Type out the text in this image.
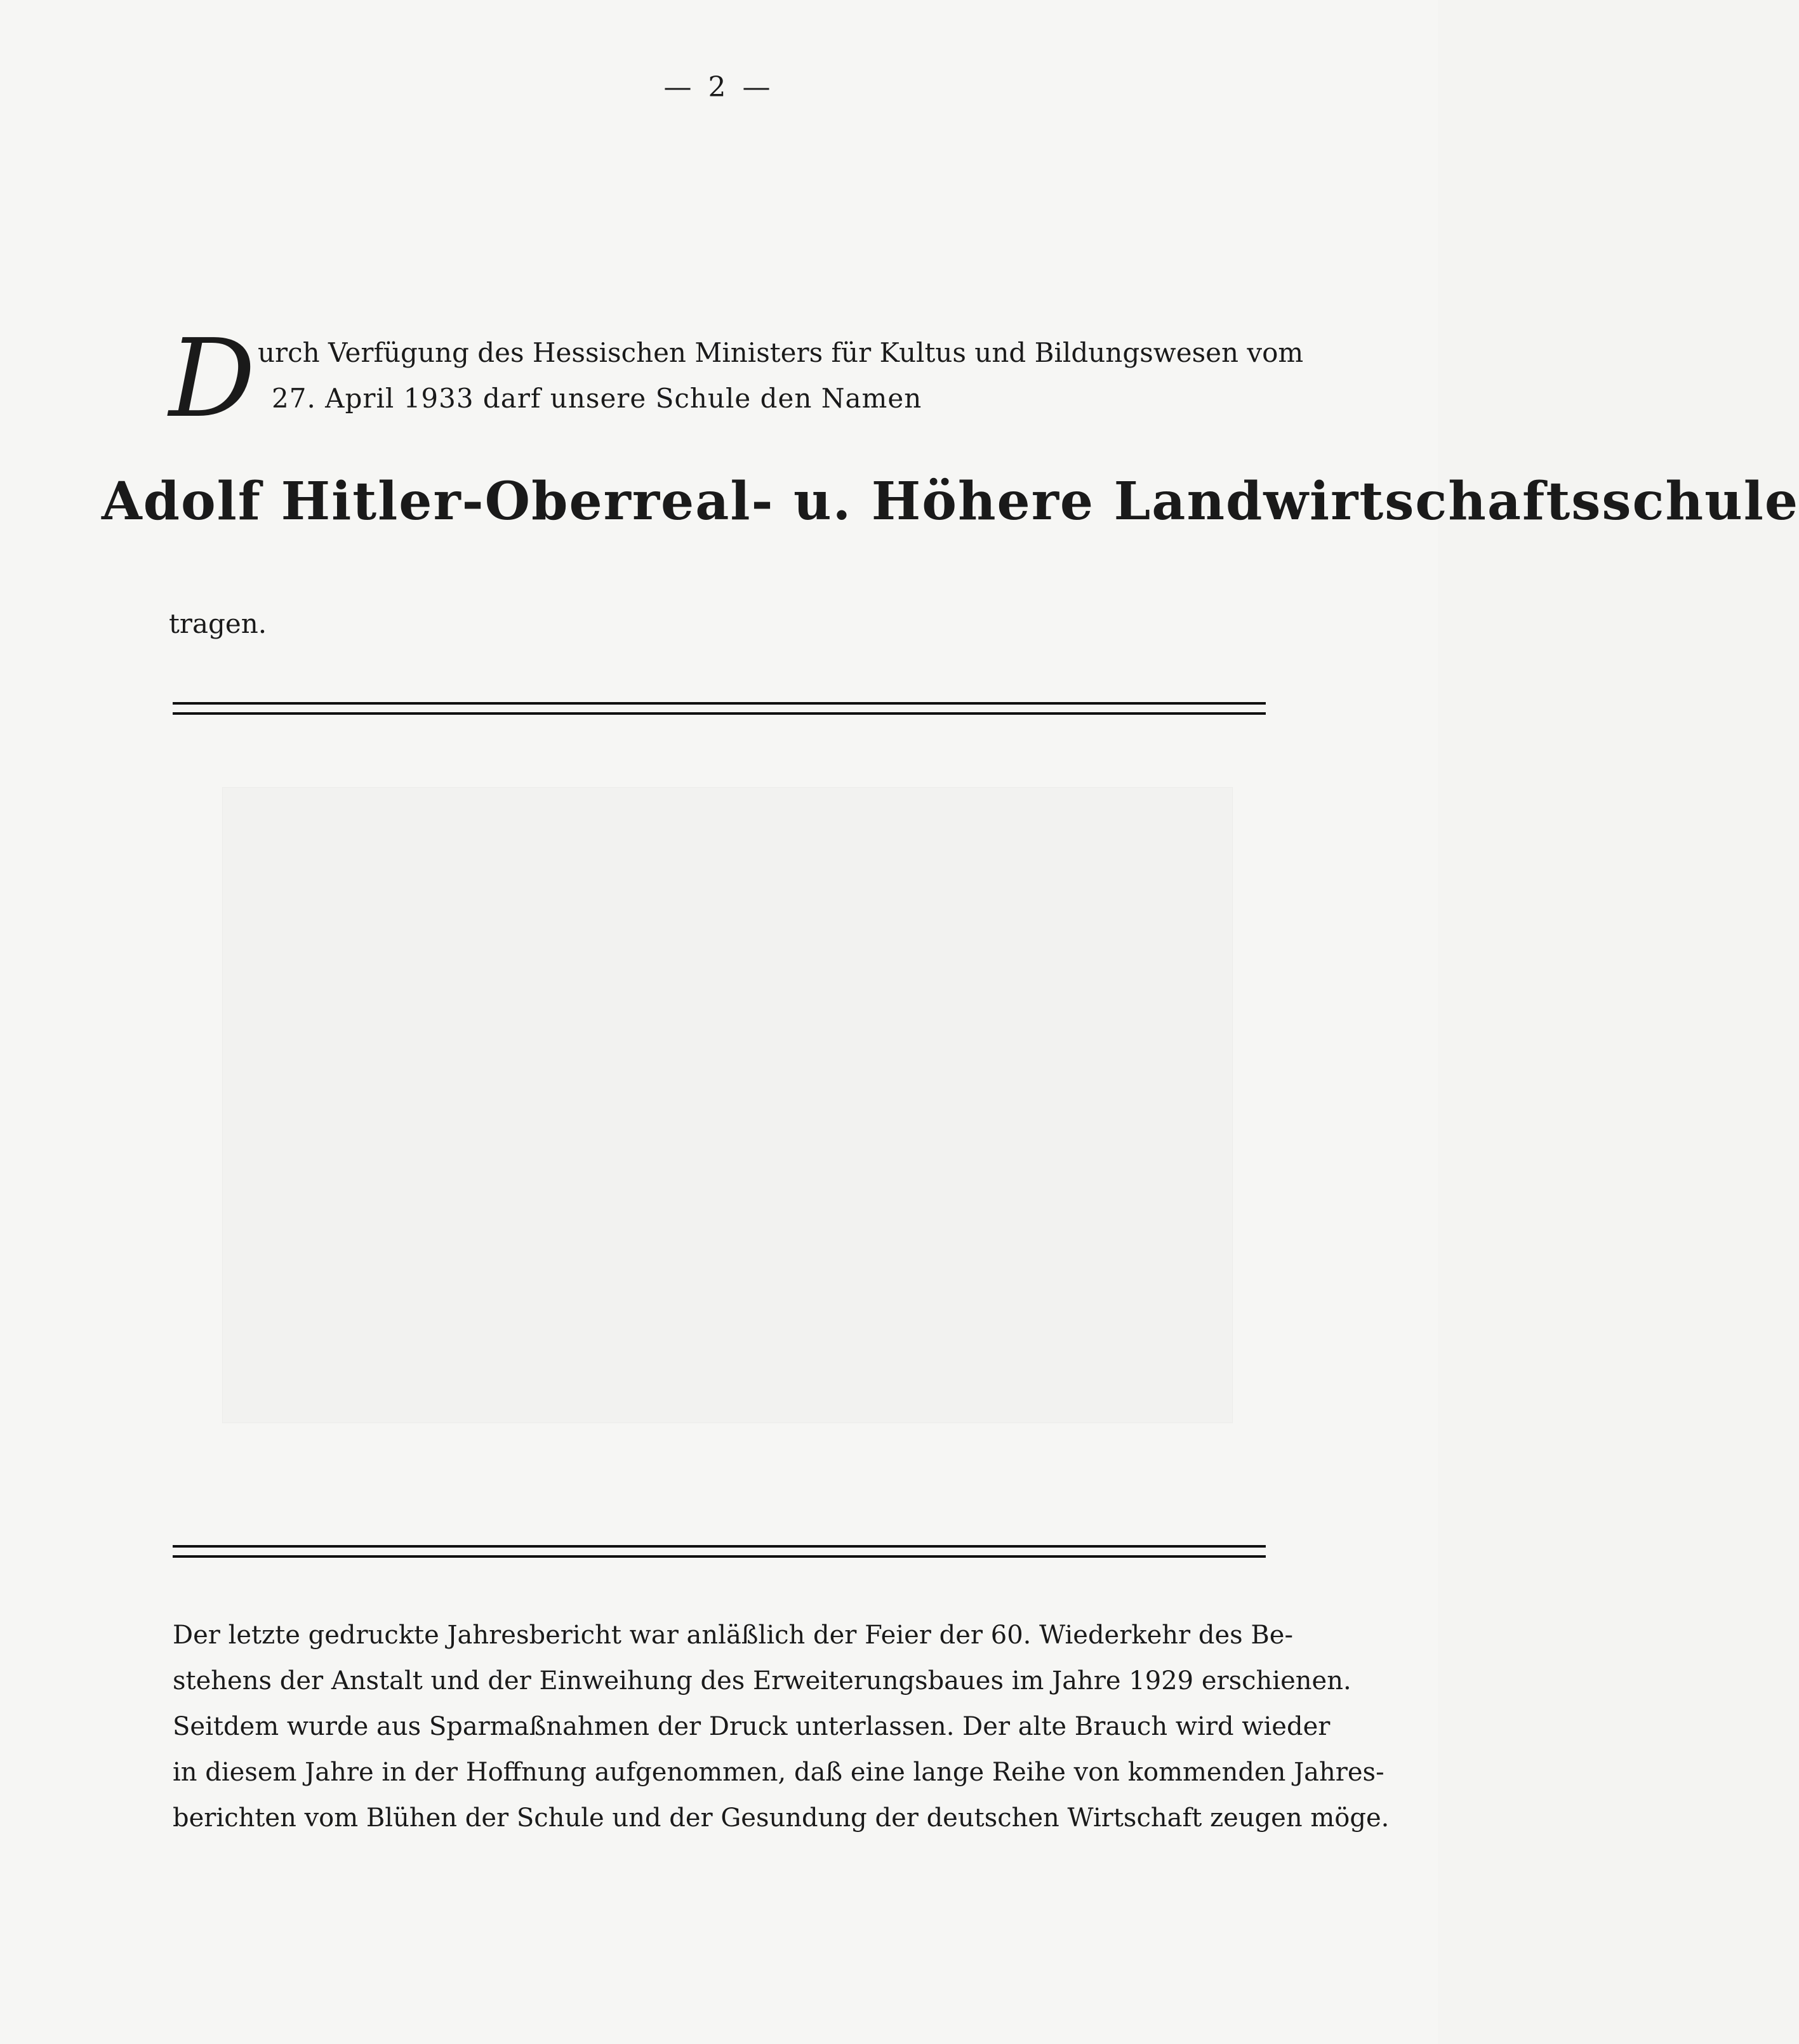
— 2 —
D urch Verfügung des Hessischen Ministers für Kultus und Bildungswesen vom
27. April 1933 darf unsere Schule den Namen
Adolf Hitler-Oberreal- u. Höhere Landwirtschaftsschule
tragen.
Der letzte gedruckte Jahresbericht war anläßlich der Feier der 60. Wiederkehr des Be-
stehens der Anstalt und der Einweihung des Erweiterungsbaues im Jahre 1929 erschienen.
Seitdem wurde aus Sparmaßnahmen der Druck unterlassen. Der alte Brauch wird wieder
in diesem Jahre in der Hoffnung aufgenommen, daß eine lange Reihe von kommenden Jahres-
berichten vom Blühen der Schule und der Gesundung der deutschen Wirtschaft zeugen möge.
